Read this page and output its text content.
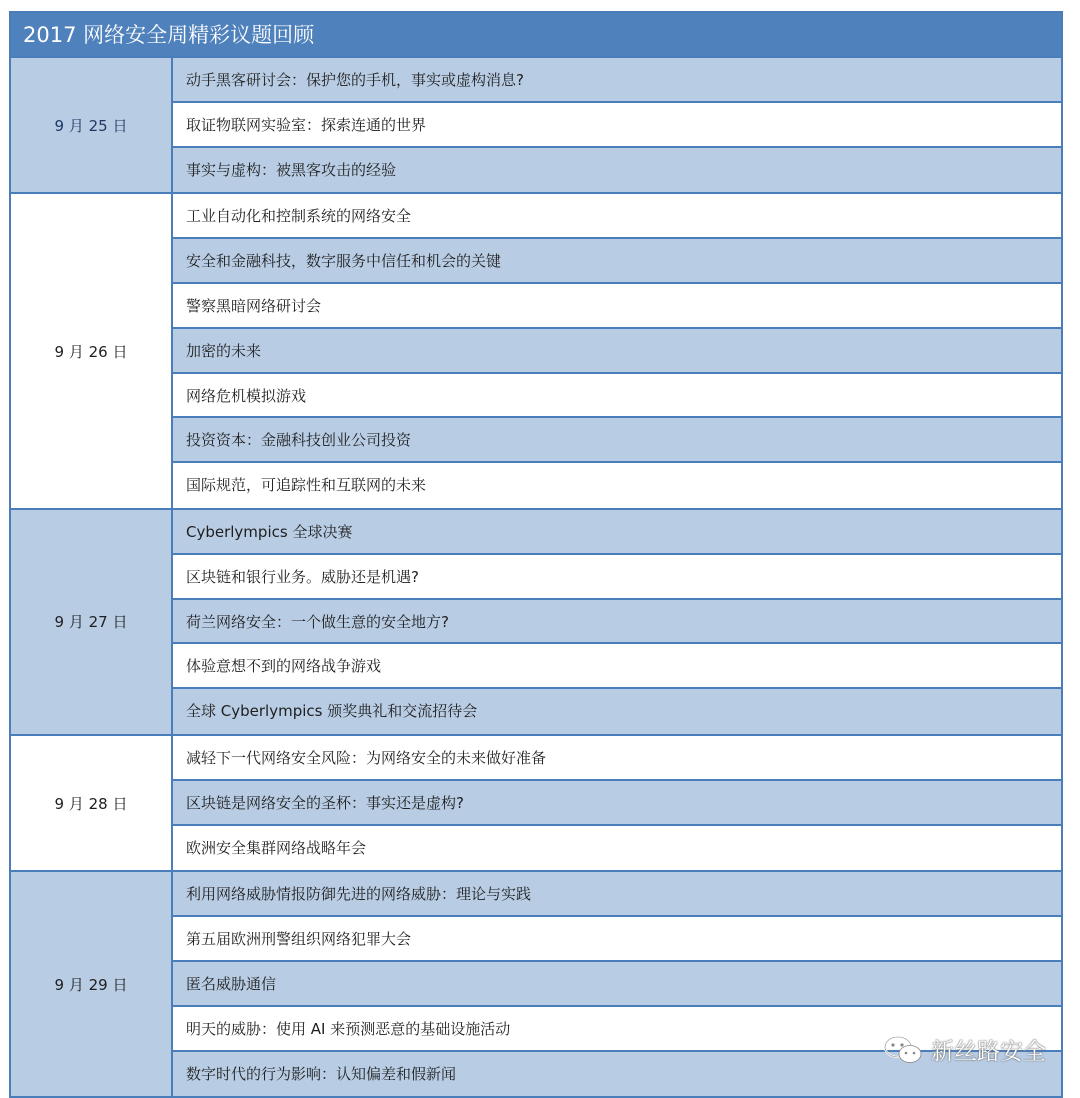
2017 网络安全周精彩议题回顾
9 月 25 日
动手黑客研讨会：保护您的手机，事实或虚构消息?
取证物联网实验室：探索连通的世界
事实与虚构：被黑客攻击的经验
9 月 26 日
工业自动化和控制系统的网络安全
安全和金融科技，数字服务中信任和机会的关键
警察黑暗网络研讨会
加密的未来
网络危机模拟游戏
投资资本：金融科技创业公司投资
国际规范，可追踪性和互联网的未来
9 月 27 日
Cyberlympics 全球决赛
区块链和银行业务。威胁还是机遇?
荷兰网络安全：一个做生意的安全地方?
体验意想不到的网络战争游戏
全球 Cyberlympics 颁奖典礼和交流招待会
9 月 28 日
减轻下一代网络安全风险：为网络安全的未来做好准备
区块链是网络安全的圣杯：事实还是虚构?
欧洲安全集群网络战略年会
9 月 29 日
利用网络威胁情报防御先进的网络威胁：理论与实践
第五届欧洲刑警组织网络犯罪大会
匿名威胁通信
明天的威胁：使用 AI 来预测恶意的基础设施活动
数字时代的行为影响：认知偏差和假新闻
新丝路安全
